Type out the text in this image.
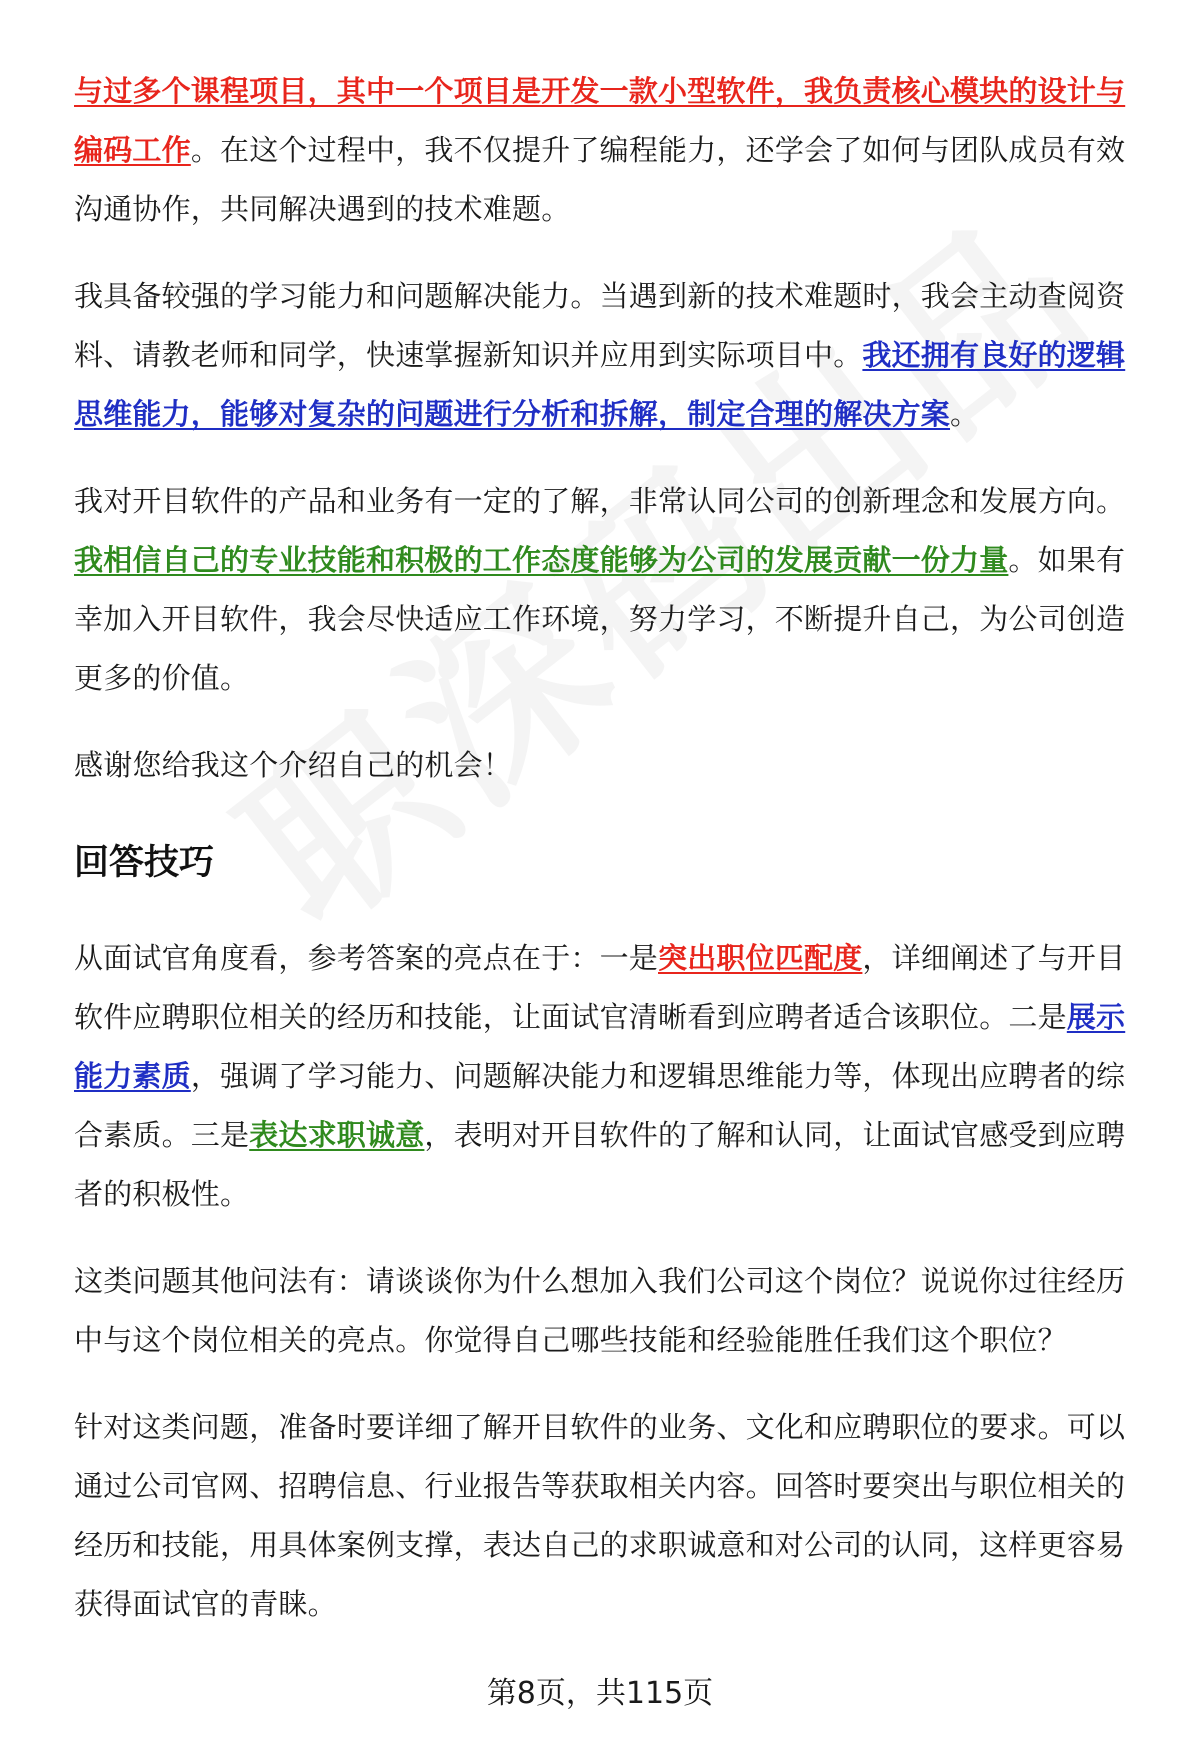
与过多个课程项目，其中一个项目是开发一款小型软件，我负责核心模块的设计与编码工作。在这个过程中，我不仅提升了编程能力，还学会了如何与团队成员有效沟通协作，共同解决遇到的技术难题。

我具备较强的学习能力和问题解决能力。当遇到新的技术难题时，我会主动查阅资料、请教老师和同学，快速掌握新知识并应用到实际项目中。我还拥有良好的逻辑思维能力，能够对复杂的问题进行分析和拆解，制定合理的解决方案。

我对开目软件的产品和业务有一定的了解，非常认同公司的创新理念和发展方向。我相信自己的专业技能和积极的工作态度能够为公司的发展贡献一份力量。如果有幸加入开目软件，我会尽快适应工作环境，努力学习，不断提升自己，为公司创造更多的价值。

感谢您给我这个介绍自己的机会！

回答技巧

从面试官角度看，参考答案的亮点在于：一是突出职位匹配度，详细阐述了与开目软件应聘职位相关的经历和技能，让面试官清晰看到应聘者适合该职位。二是展示能力素质，强调了学习能力、问题解决能力和逻辑思维能力等，体现出应聘者的综合素质。三是表达求职诚意，表明对开目软件的了解和认同，让面试官感受到应聘者的积极性。

这类问题其他问法有：请谈谈你为什么想加入我们公司这个岗位？说说你过往经历中与这个岗位相关的亮点。你觉得自己哪些技能和经验能胜任我们这个职位？

针对这类问题，准备时要详细了解开目软件的业务、文化和应聘职位的要求。可以通过公司官网、招聘信息、行业报告等获取相关内容。回答时要突出与职位相关的经历和技能，用具体案例支撑，表达自己的求职诚意和对公司的认同，这样更容易获得面试官的青睐。

第8页，共115页
